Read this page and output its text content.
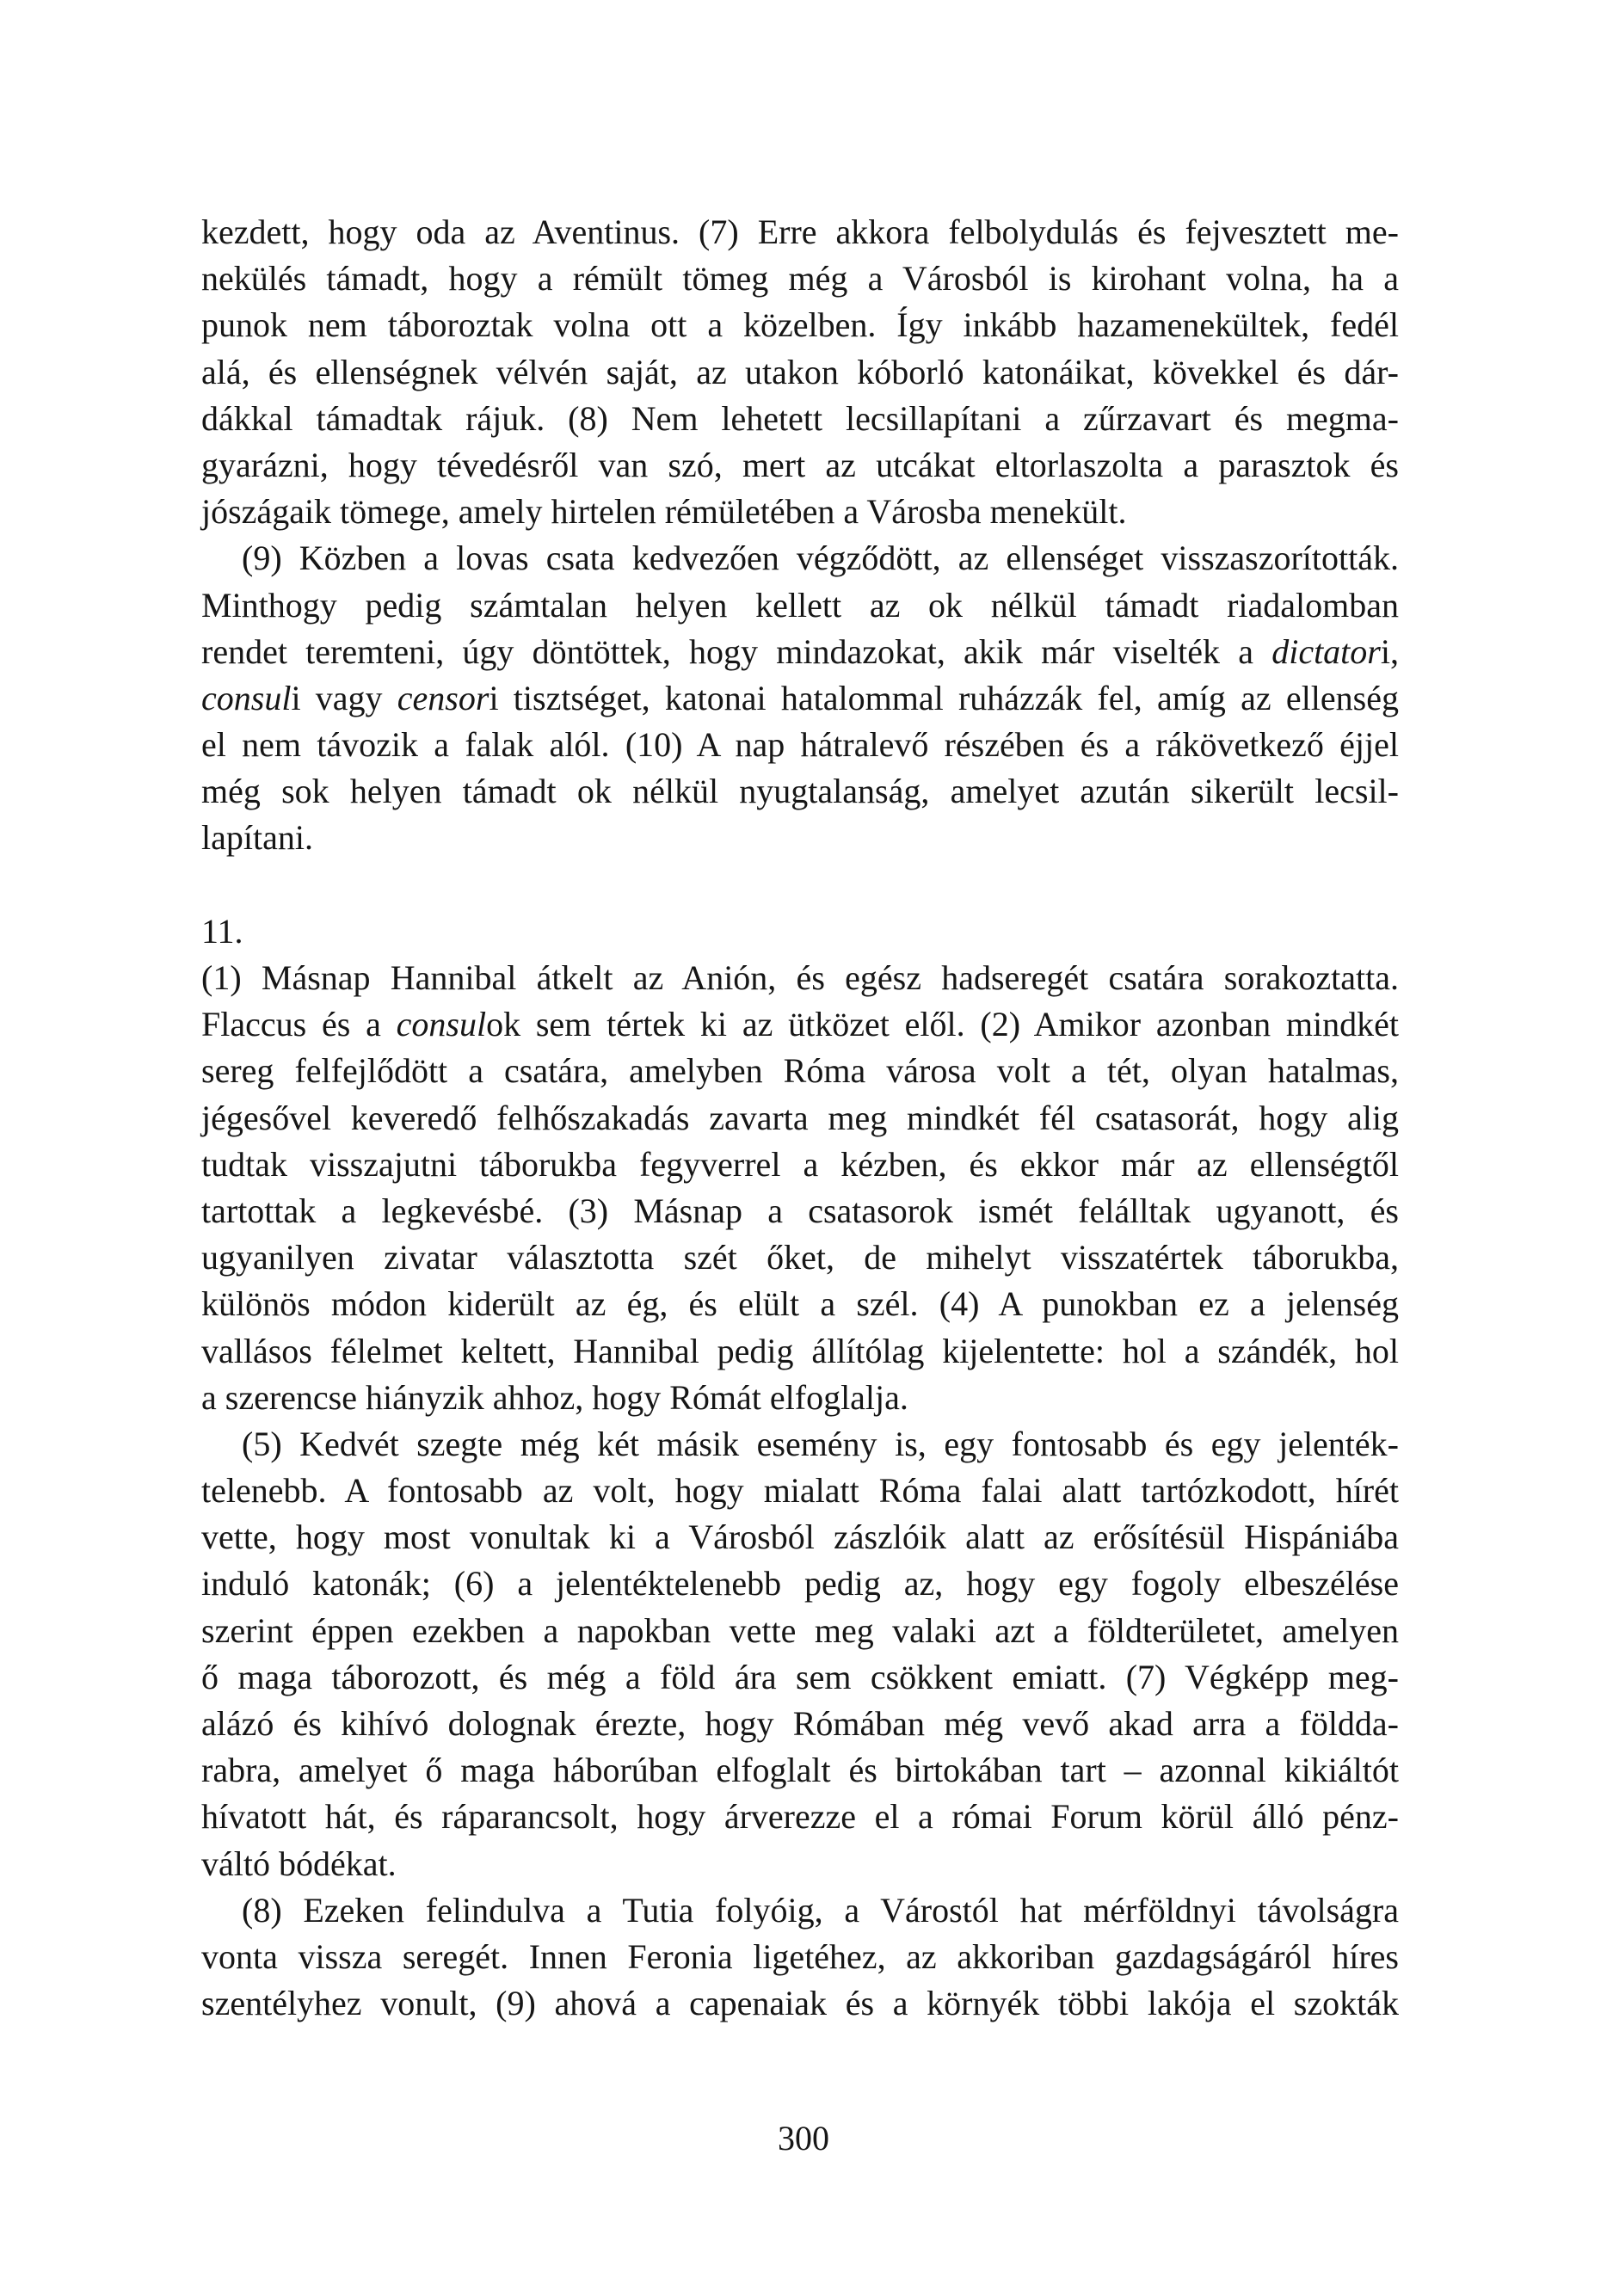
kezdett, hogy oda az Aventinus. (7) Erre akkora felbolydulás és fejvesztett me-
nekülés támadt, hogy a rémült tömeg még a Városból is kirohant volna, ha a
punok nem táboroztak volna ott a közelben. Így inkább hazamenekültek, fedél
alá, és ellenségnek vélvén saját, az utakon kóborló katonáikat, kövekkel és dár-
dákkal támadtak rájuk. (8) Nem lehetett lecsillapítani a zűrzavart és megma-
gyarázni, hogy tévedésről van szó, mert az utcákat eltorlaszolta a parasztok és
jószágaik tömege, amely hirtelen rémületében a Városba menekült.
(9) Közben a lovas csata kedvezően végződött, az ellenséget visszaszorították.
Minthogy pedig számtalan helyen kellett az ok nélkül támadt riadalomban
rendet teremteni, úgy döntöttek, hogy mindazokat, akik már viselték a dictatori,
consuli vagy censori tisztséget, katonai hatalommal ruházzák fel, amíg az ellenség
el nem távozik a falak alól. (10) A nap hátralevő részében és a rákövetkező éjjel
még sok helyen támadt ok nélkül nyugtalanság, amelyet azután sikerült lecsil-
lapítani.
11.
(1) Másnap Hannibal átkelt az Anión, és egész hadseregét csatára sorakoztatta.
Flaccus és a consulok sem tértek ki az ütközet elől. (2) Amikor azonban mindkét
sereg felfejlődött a csatára, amelyben Róma városa volt a tét, olyan hatalmas,
jégesővel keveredő felhőszakadás zavarta meg mindkét fél csatasorát, hogy alig
tudtak visszajutni táborukba fegyverrel a kézben, és ekkor már az ellenségtől
tartottak a legkevésbé. (3) Másnap a csatasorok ismét felálltak ugyanott, és
ugyanilyen zivatar választotta szét őket, de mihelyt visszatértek táborukba,
különös módon kiderült az ég, és elült a szél. (4) A punokban ez a jelenség
vallásos félelmet keltett, Hannibal pedig állítólag kijelentette: hol a szándék, hol
a szerencse hiányzik ahhoz, hogy Rómát elfoglalja.
(5) Kedvét szegte még két másik esemény is, egy fontosabb és egy jelenték-
telenebb. A fontosabb az volt, hogy mialatt Róma falai alatt tartózkodott, hírét
vette, hogy most vonultak ki a Városból zászlóik alatt az erősítésül Hispániába
induló katonák; (6) a jelentéktelenebb pedig az, hogy egy fogoly elbeszélése
szerint éppen ezekben a napokban vette meg valaki azt a földterületet, amelyen
ő maga táborozott, és még a föld ára sem csökkent emiatt. (7) Végképp meg-
alázó és kihívó dolognak érezte, hogy Rómában még vevő akad arra a földda-
rabra, amelyet ő maga háborúban elfoglalt és birtokában tart – azonnal kikiáltót
hívatott hát, és ráparancsolt, hogy árverezze el a római Forum körül álló pénz-
váltó bódékat.
(8) Ezeken felindulva a Tutia folyóig, a Várostól hat mérföldnyi távolságra
vonta vissza seregét. Innen Feronia ligetéhez, az akkoriban gazdagságáról híres
szentélyhez vonult, (9) ahová a capenaiak és a környék többi lakója el szokták
300
